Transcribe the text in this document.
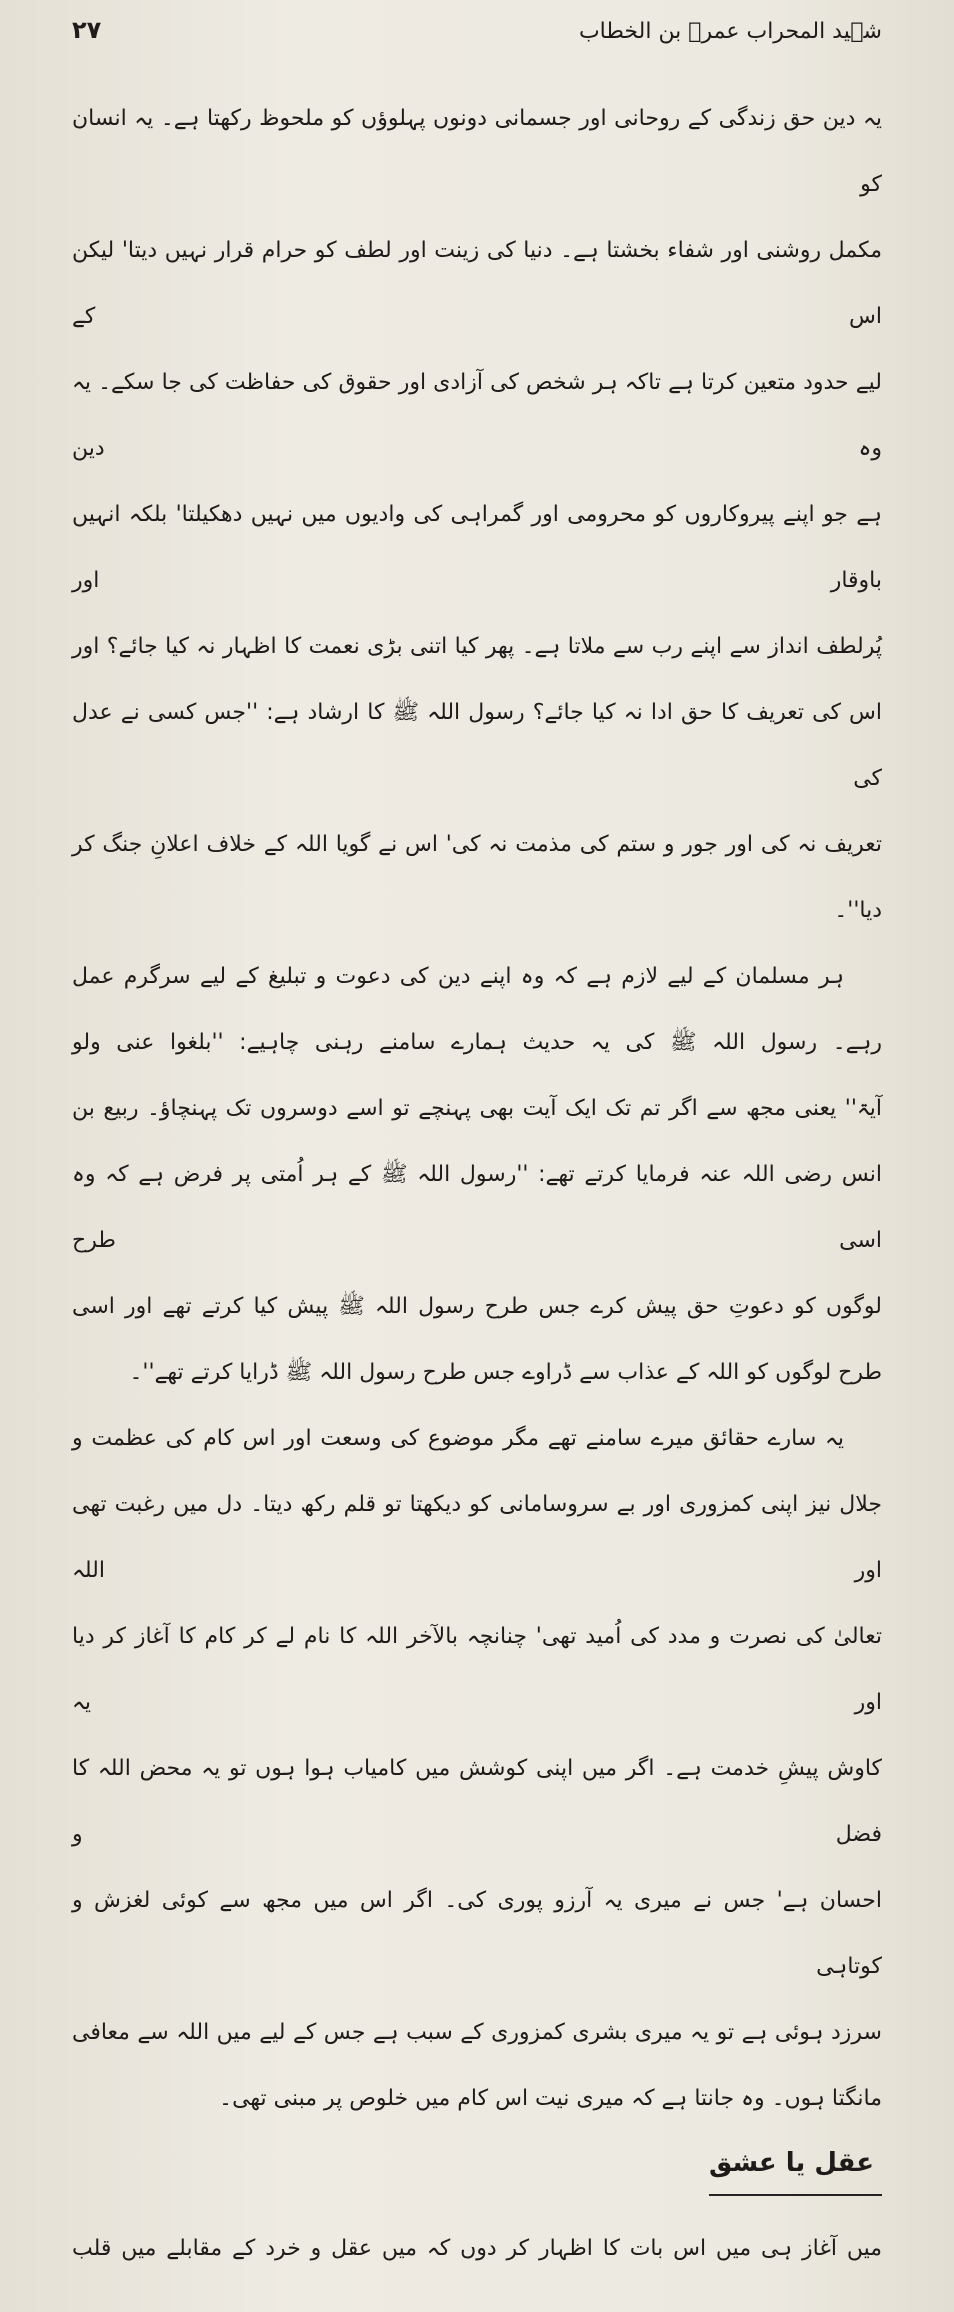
۲۷	شہید المحراب عمرؓ بن الخطاب
یہ دین حق زندگی کے روحانی اور جسمانی دونوں پہلوؤں کو ملحوظ رکھتا ہے۔ یہ انسان کو
مکمل روشنی اور شفاء بخشتا ہے۔ دنیا کی زینت اور لطف کو حرام قرار نہیں دیتا' لیکن اس کے
لیے حدود متعین کرتا ہے تاکہ ہر شخص کی آزادی اور حقوق کی حفاظت کی جا سکے۔ یہ وہ دین
ہے جو اپنے پیروکاروں کو محرومی اور گمراہی کی وادیوں میں نہیں دھکیلتا' بلکہ انہیں باوقار اور
پُرلطف انداز سے اپنے رب سے ملاتا ہے۔ پھر کیا اتنی بڑی نعمت کا اظہار نہ کیا جائے؟ اور
اس کی تعریف کا حق ادا نہ کیا جائے؟ رسول اللہ ﷺ کا ارشاد ہے: ''جس کسی نے عدل کی
تعریف نہ کی اور جور و ستم کی مذمت نہ کی' اس نے گویا اللہ کے خلاف اعلانِ جنگ کر دیا''۔
ہر مسلمان کے لیے لازم ہے کہ وہ اپنے دین کی دعوت و تبلیغ کے لیے سرگرم عمل
رہے۔ رسول اللہ ﷺ کی یہ حدیث ہمارے سامنے رہنی چاہیے: ''بلغوا عنی ولو
آیۃ'' یعنی مجھ سے اگر تم تک ایک آیت بھی پہنچے تو اسے دوسروں تک پہنچاؤ۔ ربیع بن
انس رضی اللہ عنہ فرمایا کرتے تھے: ''رسول اللہ ﷺ کے ہر اُمتی پر فرض ہے کہ وہ اسی طرح
لوگوں کو دعوتِ حق پیش کرے جس طرح رسول اللہ ﷺ پیش کیا کرتے تھے اور اسی
طرح لوگوں کو اللہ کے عذاب سے ڈراوے جس طرح رسول اللہ ﷺ ڈرایا کرتے تھے''۔
یہ سارے حقائق میرے سامنے تھے مگر موضوع کی وسعت اور اس کام کی عظمت و
جلال نیز اپنی کمزوری اور بے سروسامانی کو دیکھتا تو قلم رکھ دیتا۔ دل میں رغبت تھی اور اللہ
تعالیٰ کی نصرت و مدد کی اُمید تھی' چنانچہ بالآخر اللہ کا نام لے کر کام کا آغاز کر دیا اور یہ
کاوش پیشِ خدمت ہے۔ اگر میں اپنی کوشش میں کامیاب ہوا ہوں تو یہ محض اللہ کا فضل و
احسان ہے' جس نے میری یہ آرزو پوری کی۔ اگر اس میں مجھ سے کوئی لغزش و کوتاہی
سرزد ہوئی ہے تو یہ میری بشری کمزوری کے سبب ہے جس کے لیے میں اللہ سے معافی
مانگتا ہوں۔ وہ جانتا ہے کہ میری نیت اس کام میں خلوص پر مبنی تھی۔
عقل یا عشق
میں آغاز ہی میں اس بات کا اظہار کر دوں کہ میں عقل و خرد کے مقابلے میں قلب
